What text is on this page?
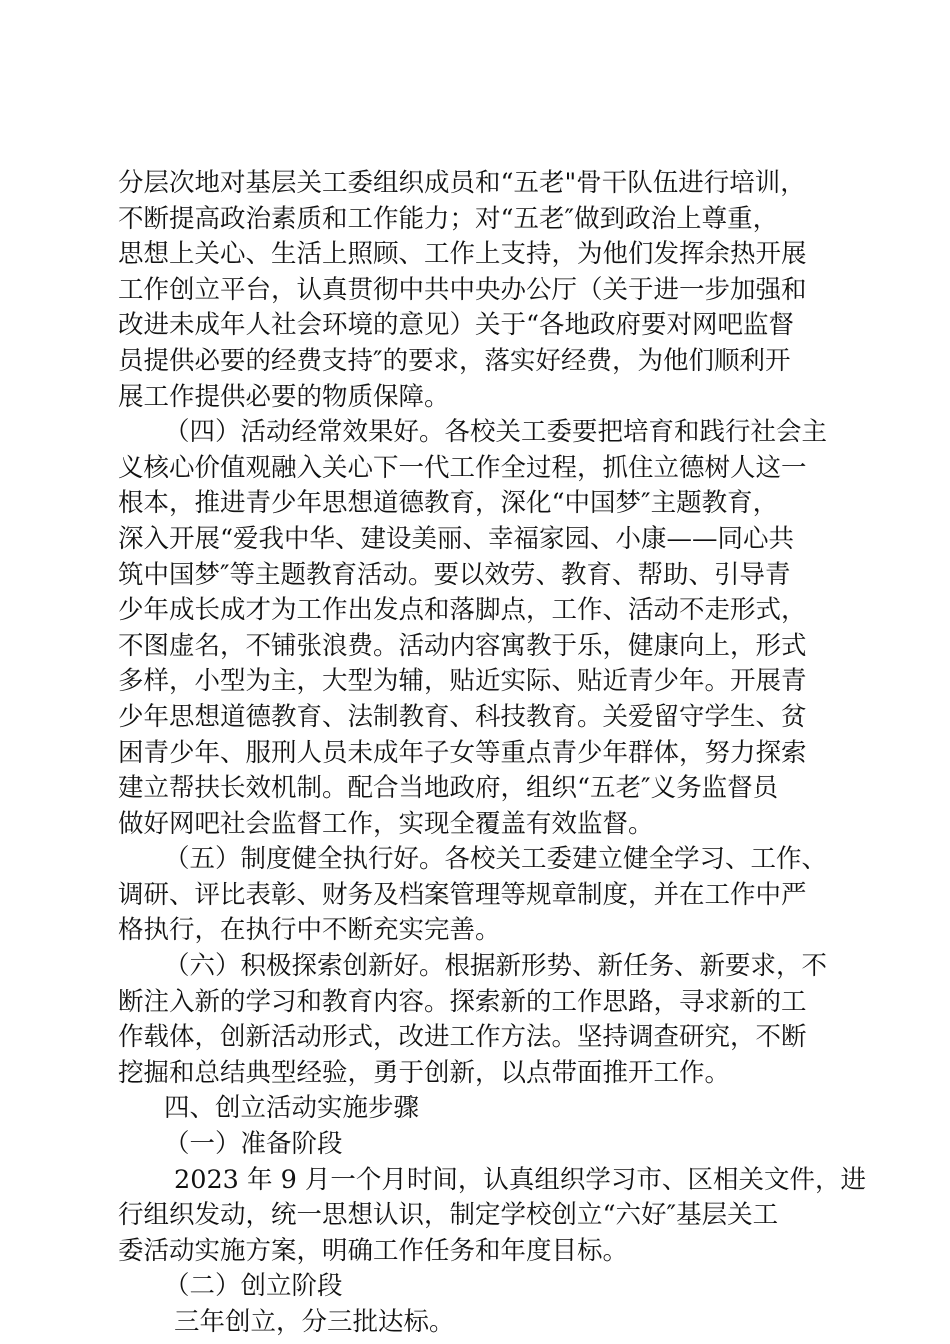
分层次地对基层关工委组织成员和“五老"骨干队伍进行培训，
不断提高政治素质和工作能力；对“五老″做到政治上尊重，
思想上关心、生活上照顾、工作上支持，为他们发挥余热开展
工作创立平台，认真贯彻中共中央办公厅（关于进一步加强和
改进未成年人社会环境的意见）关于“各地政府要对网吧监督
员提供必要的经费支持″的要求，落实好经费，为他们顺利开
展工作提供必要的物质保障。
（四）活动经常效果好。各校关工委要把培育和践行社会主
义核心价值观融入关心下一代工作全过程，抓住立德树人这一
根本，推进青少年思想道德教育，深化“中国梦″主题教育，
深入开展“爱我中华、建设美丽、幸福家园、小康——同心共
筑中国梦″等主题教育活动。要以效劳、教育、帮助、引导青
少年成长成才为工作出发点和落脚点，工作、活动不走形式，
不图虚名，不铺张浪费。活动内容寓教于乐，健康向上，形式
多样，小型为主，大型为辅，贴近实际、贴近青少年。开展青
少年思想道德教育、法制教育、科技教育。关爱留守学生、贫
困青少年、服刑人员未成年子女等重点青少年群体，努力探索
建立帮扶长效机制。配合当地政府，组织“五老″义务监督员
做好网吧社会监督工作，实现全覆盖有效监督。
（五）制度健全执行好。各校关工委建立健全学习、工作、
调研、评比表彰、财务及档案管理等规章制度，并在工作中严
格执行，在执行中不断充实完善。
（六）积极探索创新好。根据新形势、新任务、新要求，不
断注入新的学习和教育内容。探索新的工作思路，寻求新的工
作载体，创新活动形式，改进工作方法。坚持调查研究，不断
挖掘和总结典型经验，勇于创新，以点带面推开工作。
四、创立活动实施步骤
（一）准备阶段
2023 年 9 月一个月时间，认真组织学习市、区相关文件，进
行组织发动，统一思想认识，制定学校创立“六好″基层关工
委活动实施方案，明确工作任务和年度目标。
（二）创立阶段
三年创立，分三批达标。
